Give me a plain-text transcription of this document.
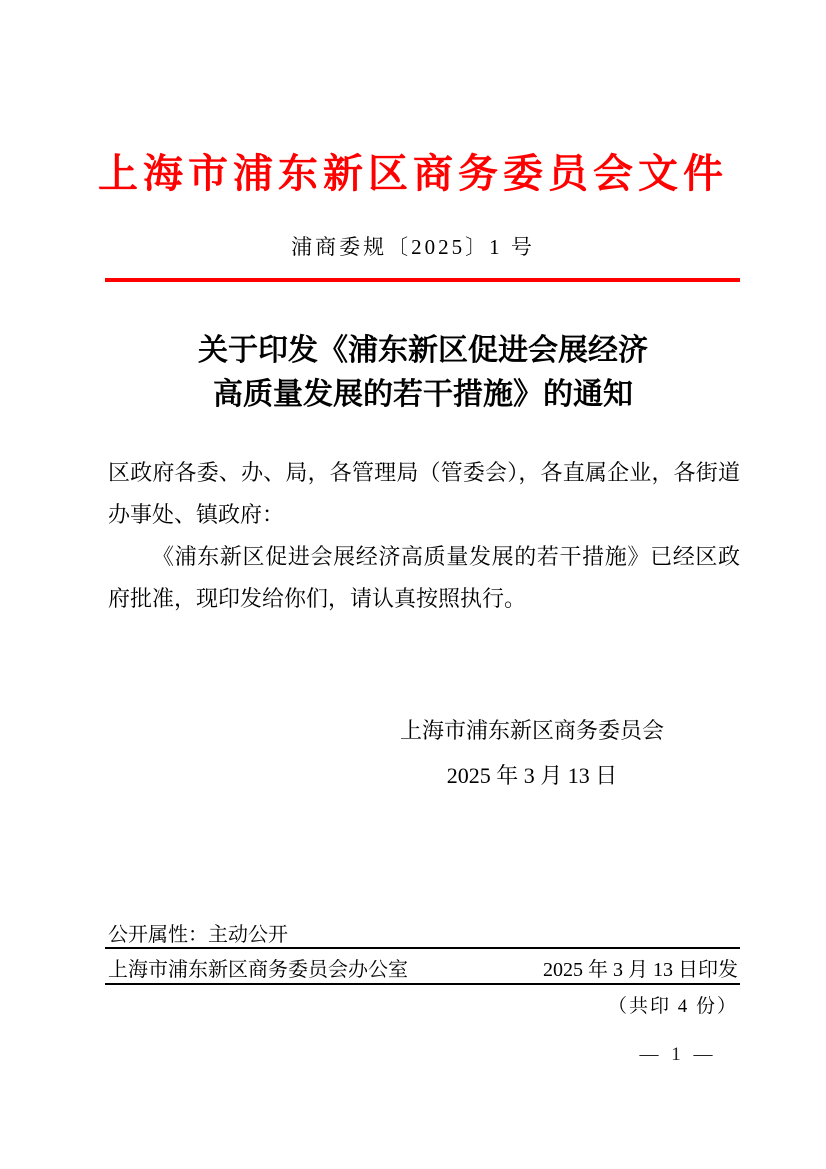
上海市浦东新区商务委员会文件
浦商委规〔2025〕1 号
关于印发《浦东新区促进会展经济
高质量发展的若干措施》的通知

区政府各委、办、局，各管理局（管委会），各直属企业，各街道办事处、镇政府：

《浦东新区促进会展经济高质量发展的若干措施》已经区政府批准，现印发给你们，请认真按照执行。

上海市浦东新区商务委员会
2025 年 3 月 13 日
公开属性：主动公开
上海市浦东新区商务委员会办公室	2025 年 3 月 13 日印发
（共印 4 份）
— 1 —
